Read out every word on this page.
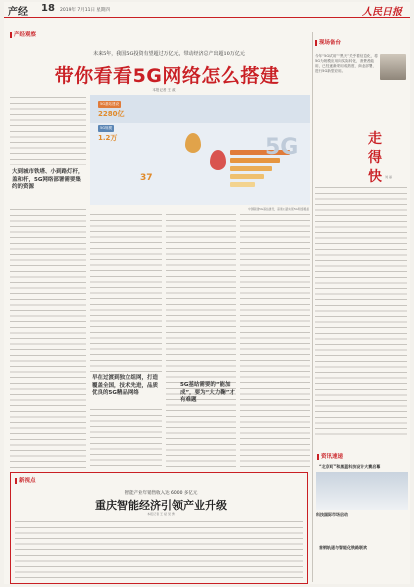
产经 18 2019年 7月11日 星期四	人民日报
产经观察
未来5年，我国5G投资有望超过万亿元，带动经济总产出超10万亿元
带你看看5G网络怎么搭建
本报记者 王 政
大到城市铁塔、小到路灯杆，盖和杆，5G网络部署需要集约的资源
早在过渡到独立组网，打造覆盖全国，技术先进，品质优良的5G精品网络
5G基站需要的“能加成”，要为“大力鞠”才有难题
5G基站建设
2280亿
5G规模
1.2万
37
5G
中国联通5G基站建设，高速公路实现5G网络覆盖
现场备台
今年“5G试用”“黑天”关乎着信息化，将5G为规模应用向实际转化，消费者能用，已经逐渐采用成熟度，商业部署，进行5G新型应用。
走得快	刘 丽
资讯速递
“北京町”和黑蓝科技设计大赛启幕
科技国际市场启动
首钢轨道与智能化铁路联欢
新视点
智能产业年销售收入达 6000 多亿元
重庆智能经济引领产业升级
本报记者 王 斌 吴 勇
